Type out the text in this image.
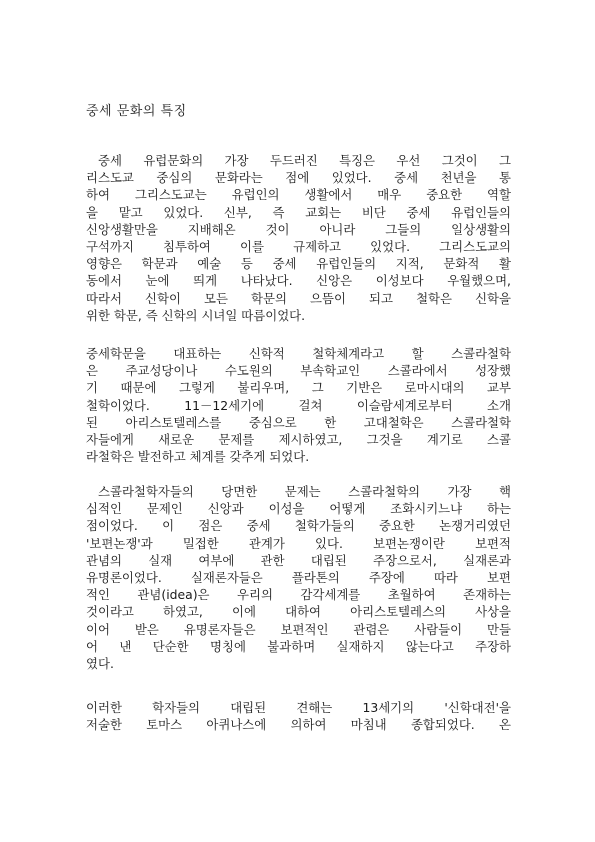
중세 문화의 특징
중세 유럽문화의 가장 두드러진 특징은 우선 그것이 그
리스도교 중심의 문화라는 점에 있었다. 중세 천년을 통
하여 그리스도교는 유럽인의 생활에서 매우 중요한 역할
을 맡고 있었다. 신부, 즉 교회는 비단 중세 유럽인들의
신앙생활만을 지배해온 것이 아니라 그들의 일상생활의
구석까지 침투하여 이를 규제하고 있었다. 그리스도교의
영향은 학문과 예술 등 중세 유럽인들의 지적, 문화적 활
동에서 눈에 띄게 나타났다. 신앙은 이성보다 우월했으며,
따라서 신학이 모든 학문의 으뜸이 되고 철학은 신학을
위한 학문, 즉 신학의 시녀일 따름이었다.
중세학문을 대표하는 신학적 철학체계라고 할 스콜라철학
은 주교성당이나 수도원의 부속학교인 스콜라에서 성장했
기 때문에 그렇게 불리우며, 그 기반은 로마시대의 교부
철학이었다. 11－12세기에 걸쳐 이슬람세계로부터 소개
된 아리스토텔레스를 중심으로 한 고대철학은 스콜라철학
자들에게 새로운 문제를 제시하였고, 그것을 계기로 스콜
라철학은 발전하고 체계를 갖추게 되었다.
스콜라철학자들의 당면한 문제는 스콜라철학의 가장 핵
심적인 문제인 신앙과 이성을 어떻게 조화시키느냐 하는
점이었다. 이 점은 중세 철학가들의 중요한 논쟁거리였던
'보편논쟁'과 밀접한 관계가 있다. 보편논쟁이란 보편적
관념의 실재 여부에 관한 대립된 주장으로서, 실재론과
유명론이었다. 실재론자들은 플라톤의 주장에 따라 보편
적인 관념(idea)은 우리의 감각세계를 초월하여 존재하는
것이라고 하였고, 이에 대하여 아리스토텔레스의 사상을
이어 받은 유명론자들은 보편적인 관렴은 사람들이 만들
어 낸 단순한 명칭에 불과하며 실재하지 않는다고 주장하
였다.
이러한 학자들의 대립된 견해는 13세기의 '신학대전'을
저술한 토마스 아퀴나스에 의하여 마침내 종합되었다. 온
